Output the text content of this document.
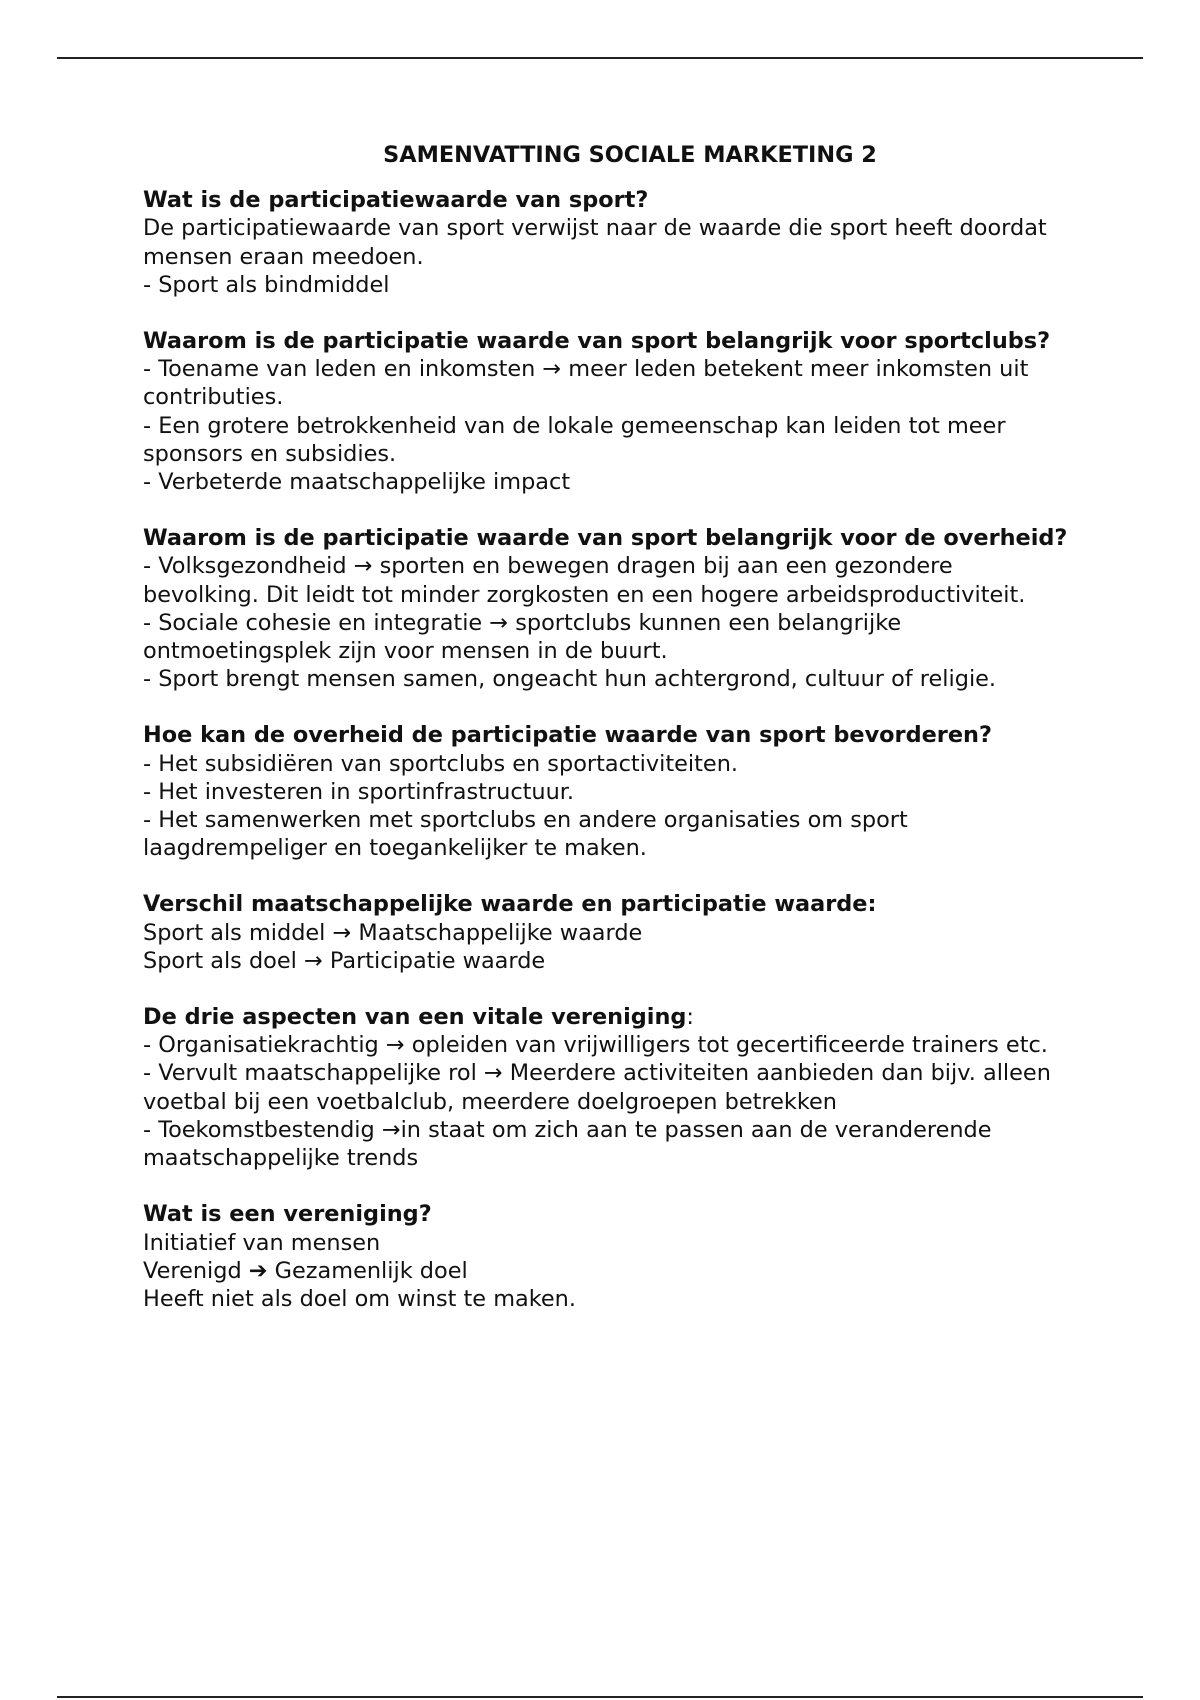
SAMENVATTING SOCIALE MARKETING 2
Wat is de participatiewaarde van sport?
De participatiewaarde van sport verwijst naar de waarde die sport heeft doordat mensen eraan meedoen.
- Sport als bindmiddel
Waarom is de participatie waarde van sport belangrijk voor sportclubs?
- Toename van leden en inkomsten → meer leden betekent meer inkomsten uit contributies.
- Een grotere betrokkenheid van de lokale gemeenschap kan leiden tot meer sponsors en subsidies.
- Verbeterde maatschappelijke impact
Waarom is de participatie waarde van sport belangrijk voor de overheid?
- Volksgezondheid → sporten en bewegen dragen bij aan een gezondere bevolking. Dit leidt tot minder zorgkosten en een hogere arbeidsproductiviteit.
- Sociale cohesie en integratie → sportclubs kunnen een belangrijke ontmoetingsplek zijn voor mensen in de buurt.
- Sport brengt mensen samen, ongeacht hun achtergrond, cultuur of religie.
Hoe kan de overheid de participatie waarde van sport bevorderen?
- Het subsidiëren van sportclubs en sportactiviteiten.
- Het investeren in sportinfrastructuur.
- Het samenwerken met sportclubs en andere organisaties om sport laagdrempeliger en toegankelijker te maken.
Verschil maatschappelijke waarde en participatie waarde:
Sport als middel → Maatschappelijke waarde
Sport als doel → Participatie waarde
De drie aspecten van een vitale vereniging:
- Organisatiekrachtig → opleiden van vrijwilligers tot gecertificeerde trainers etc.
- Vervult maatschappelijke rol → Meerdere activiteiten aanbieden dan bijv. alleen voetbal bij een voetbalclub, meerdere doelgroepen betrekken
- Toekomstbestendig →in staat om zich aan te passen aan de veranderende maatschappelijke trends
Wat is een vereniging?
Initiatief van mensen
Verenigd ➔ Gezamenlijk doel
Heeft niet als doel om winst te maken.
